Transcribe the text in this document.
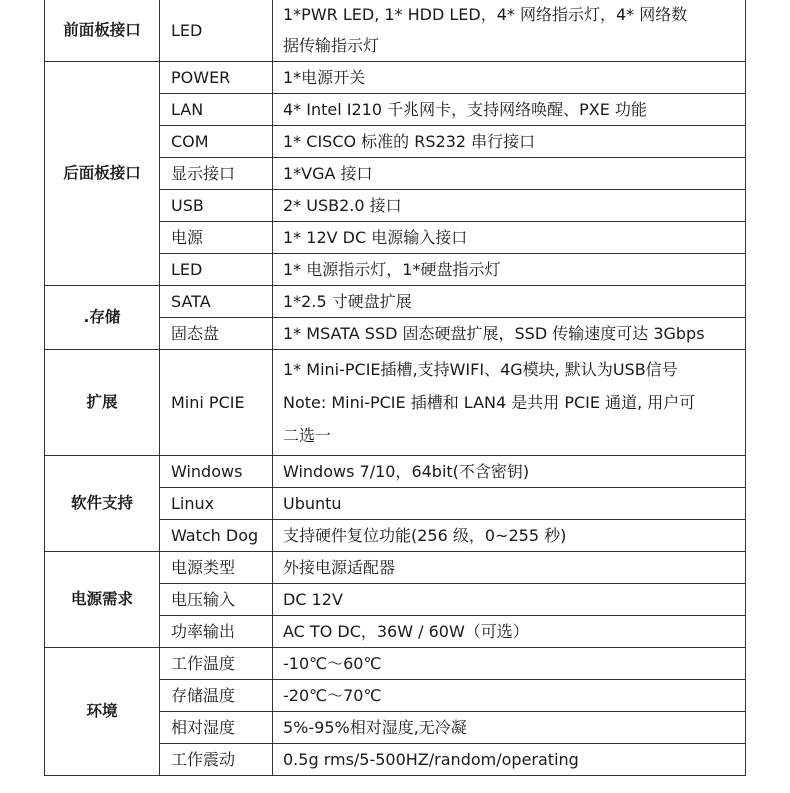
前面板接口	LED	1*PWR LED, 1* HDD LED，4* 网络指示灯，4* 网络数
据传输指示灯

后面板接口	POWER	1*电源开关

	LAN	4* Intel I210 千兆网卡，支持网络唤醒、PXE 功能

	COM	1* CISCO 标准的 RS232 串行接口

	显示接口	1*VGA 接口

	USB	2* USB2.0 接口

	电源	1* 12V DC 电源输入接口

	LED	1* 电源指示灯，1*硬盘指示灯

.存储	SATA	1*2.5 寸硬盘扩展

	固态盘	1* MSATA SSD 固态硬盘扩展，SSD 传输速度可达 3Gbps

扩展	Mini PCIE	1* Mini-PCIE插槽,支持WIFI、4G模块, 默认为USB信号
Note: Mini-PCIE 插槽和 LAN4 是共用 PCIE 通道, 用户可
二选一

软件支持	Windows	Windows 7/10，64bit(不含密钥)

	Linux	Ubuntu

	Watch Dog	支持硬件复位功能(256 级，0~255 秒)

电源需求	电源类型	外接电源适配器

	电压输入	DC 12V

	功率输出	AC TO DC，36W / 60W（可选）

环境	工作温度	-10℃～60℃

	存储温度	-20℃～70℃

	相对湿度	5%-95%相对湿度,无冷凝

	工作震动	0.5g rms/5-500HZ/random/operating
